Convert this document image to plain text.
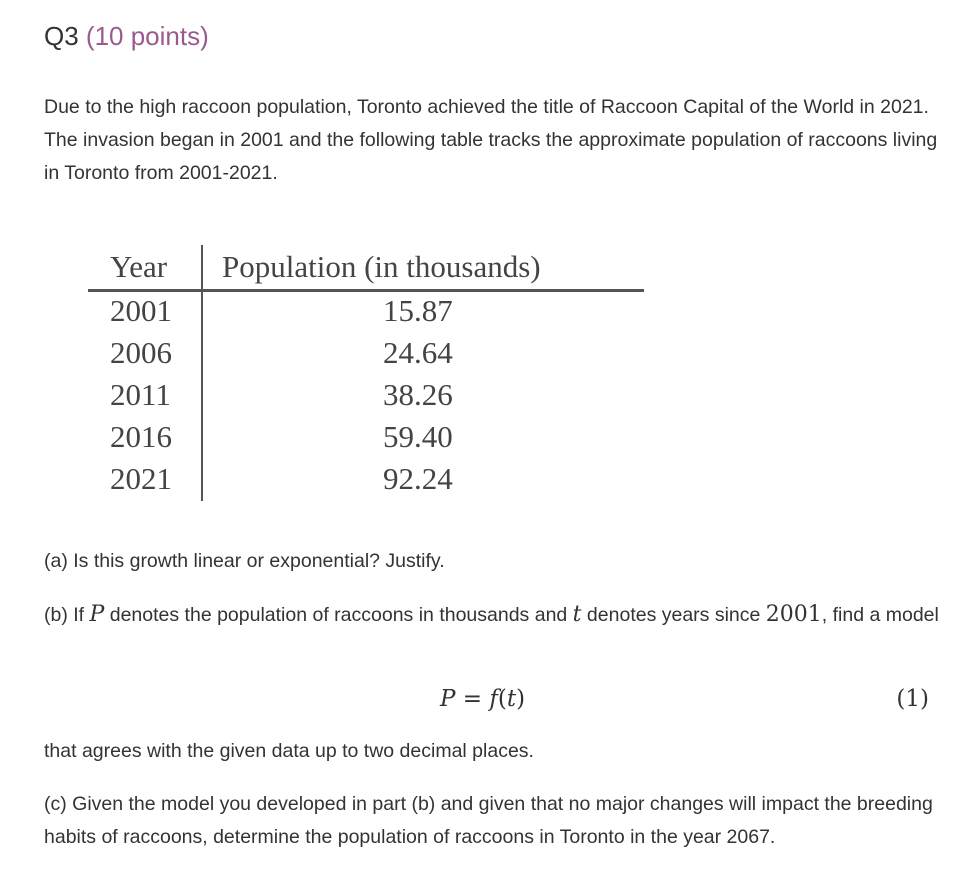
Q3 (10 points)
Due to the high raccoon population, Toronto achieved the title of Raccoon Capital of the World in 2021. The invasion began in 2001 and the following table tracks the approximate population of raccoons living in Toronto from 2001-2021.
Year Population (in thousands)
2001	15.87
2006	24.64
2011	38.26
2016	59.40
2021	92.24
(a) Is this growth linear or exponential? Justify.
(b) If P denotes the population of raccoons in thousands and t denotes years since 2001, find a model
P = f(t)	(1)
that agrees with the given data up to two decimal places.
(c) Given the model you developed in part (b) and given that no major changes will impact the breeding habits of raccoons, determine the population of raccoons in Toronto in the year 2067.
